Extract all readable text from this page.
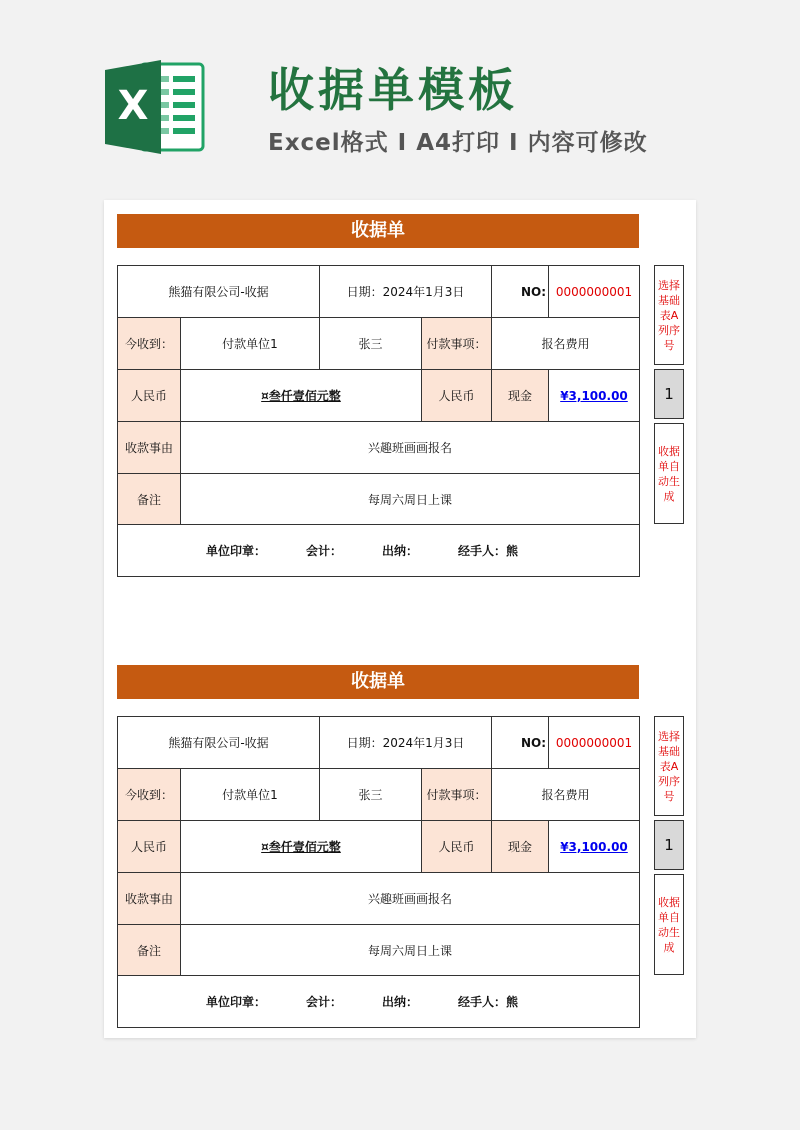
X	收据单模板
Excel格式 I A4打印 I 内容可修改
收据单
熊猫有限公司-收据		日期：2024年1月3日		NO:	0000000001
今收到：	付款单位1	张三	付款事项：	报名费用	
人民币	¤叁仟壹佰元整		人民币	现金	¥3,100.00
收款事由	兴趣班画画报名				
备注	每周六周日上课				
单位印章： 会计： 出纳： 经手人：熊					
选择基础表A列序号
1
收据单自动生成
收据单
熊猫有限公司-收据		日期：2024年1月3日		NO:	0000000001
今收到：	付款单位1	张三	付款事项：	报名费用	
人民币	¤叁仟壹佰元整		人民币	现金	¥3,100.00
收款事由	兴趣班画画报名				
备注	每周六周日上课				
单位印章： 会计： 出纳： 经手人：熊					
选择基础表A列序号
1
收据单自动生成
